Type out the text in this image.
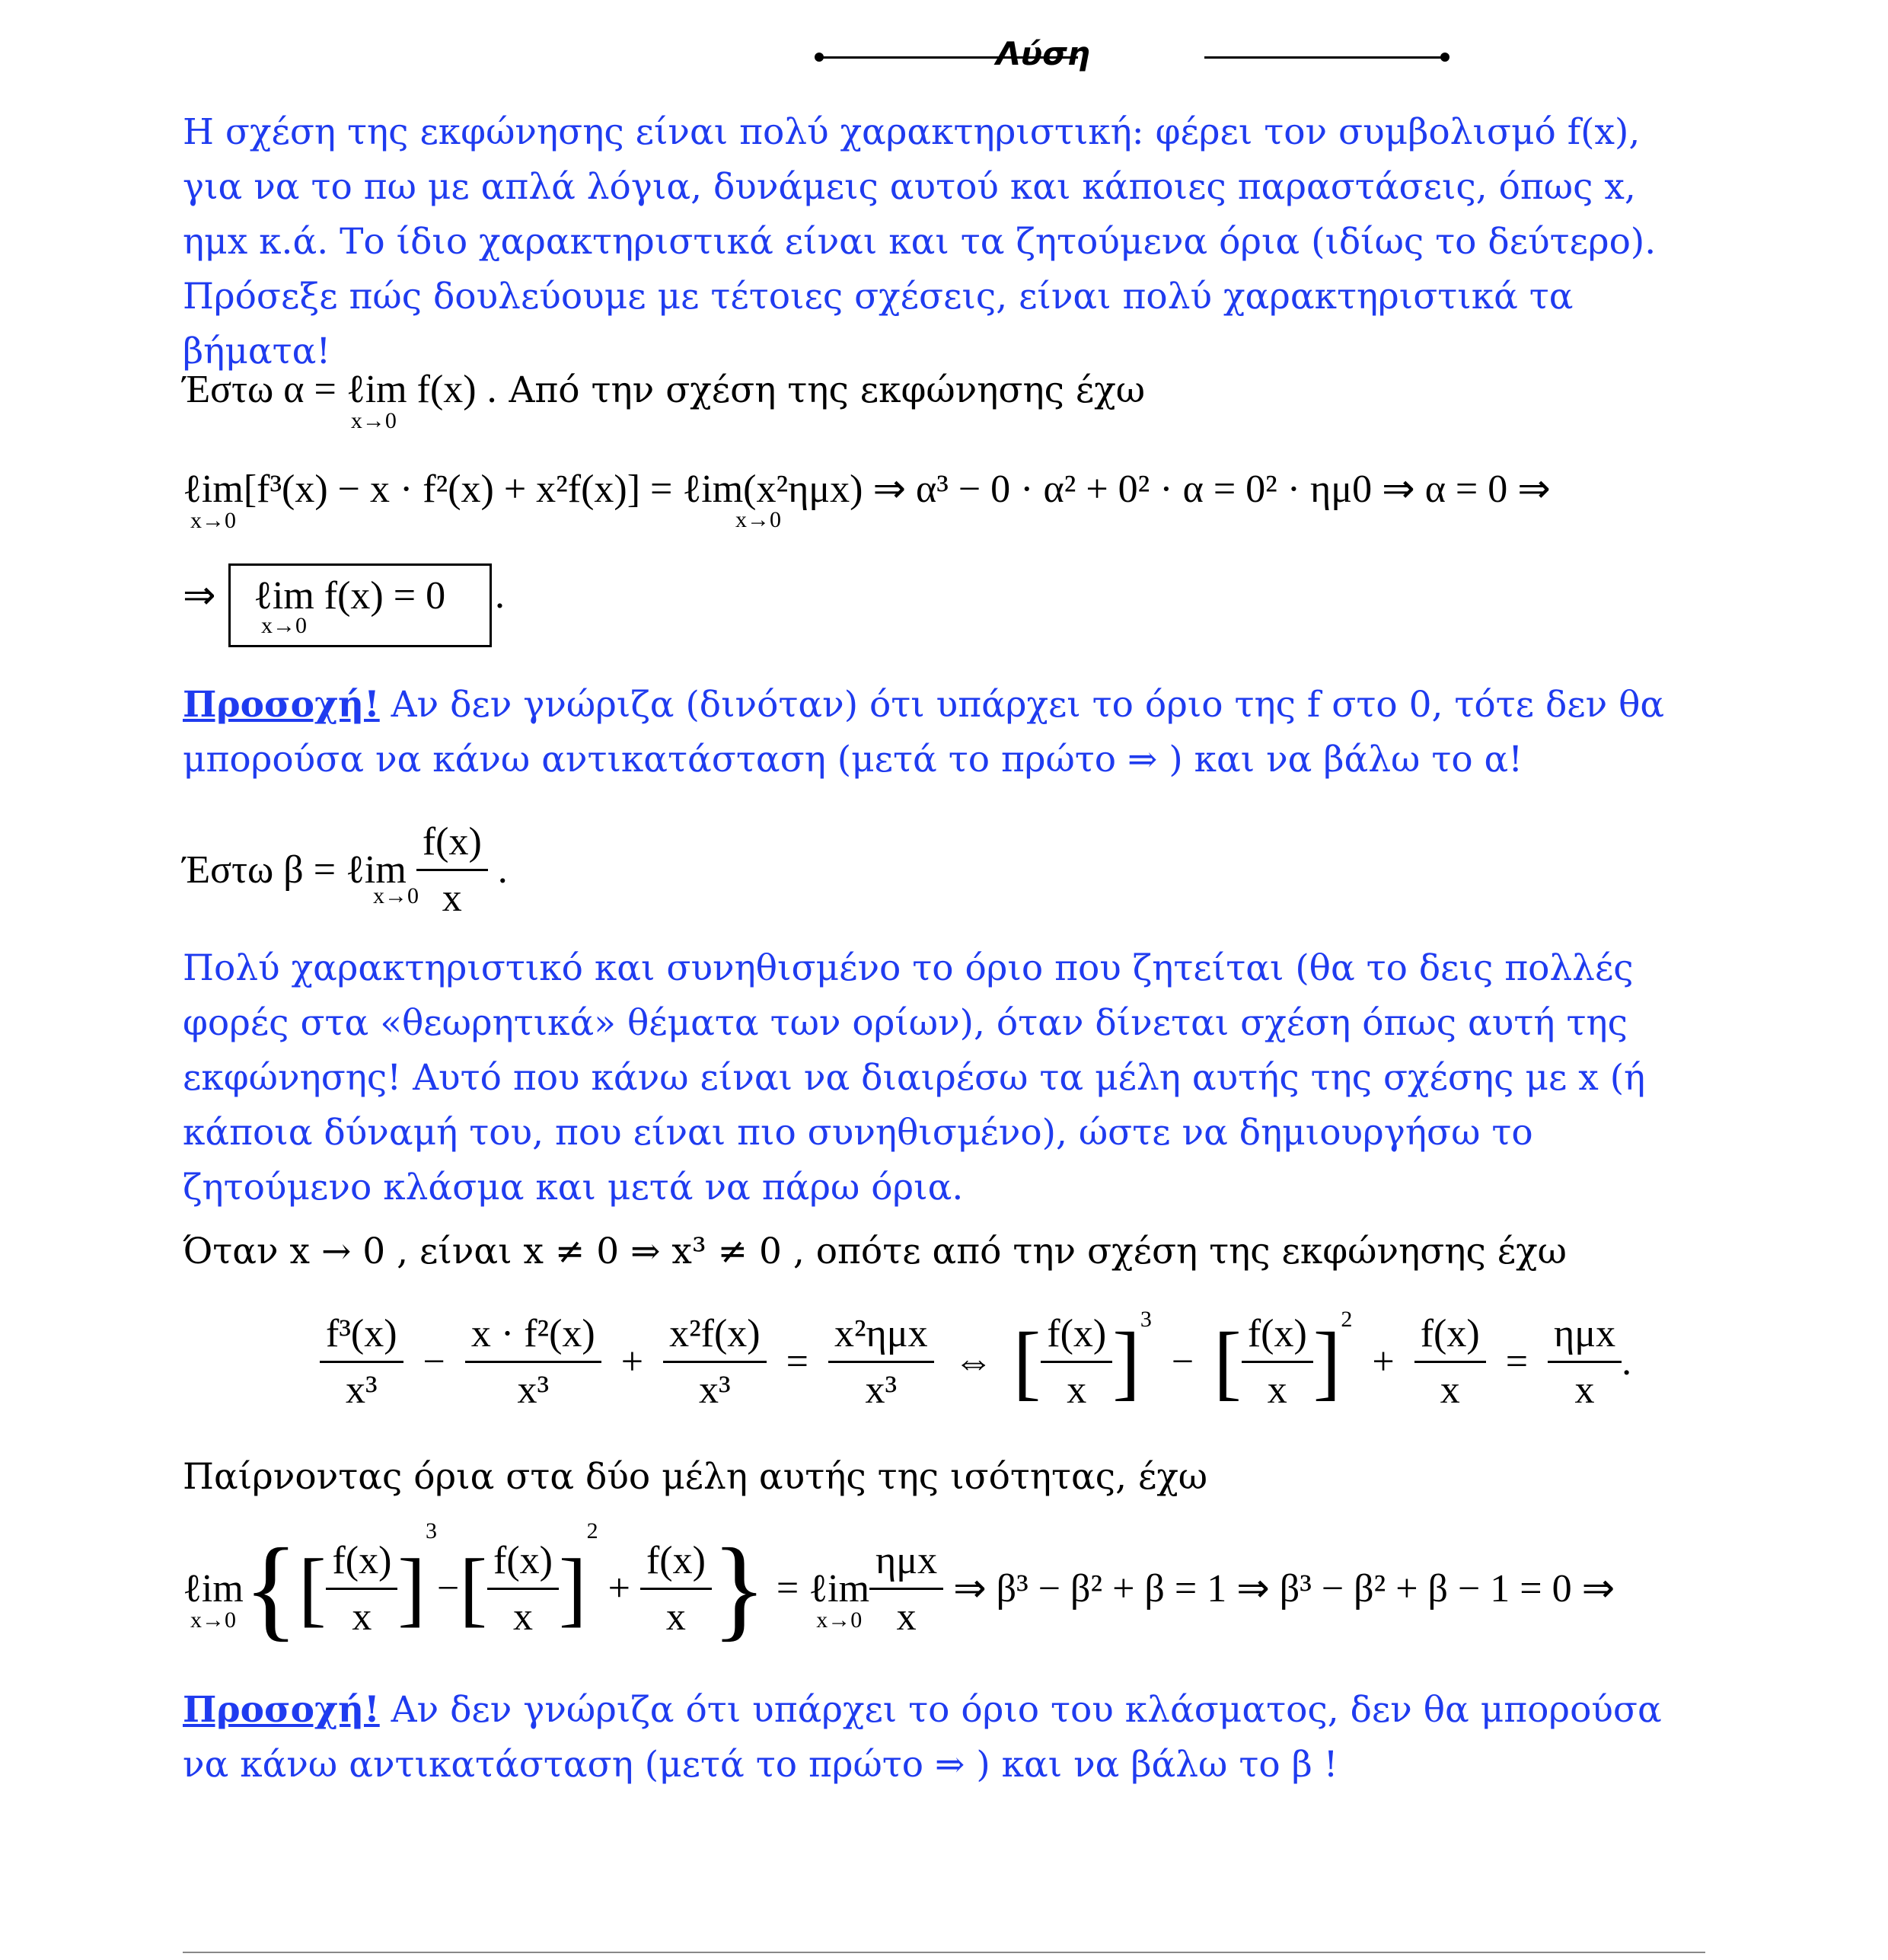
Λύση
Η σχέση της εκφώνησης είναι πολύ χαρακτηριστική: φέρει τον συμβολισμό f(x), για να το πω με απλά λόγια, δυνάμεις αυτού και κάποιες παραστάσεις, όπως x, ημx κ.ά. Το ίδιο χαρακτηριστικά είναι και τα ζητούμενα όρια (ιδίως το δεύτερο). Πρόσεξε πώς δουλεύουμε με τέτοιες σχέσεις, είναι πολύ χαρακτηριστικά τα βήματα!
Έστω α = ℓim
x→0
f(x) . Από την σχέση της εκφώνησης έχω
ℓim
x→0
[f³(x) − x · f²(x) + x²f(x)] = ℓim(x²ημx) ⇒ α³ − 0 · α² + 0² · α = 0² · ημ0 ⇒ α = 0 ⇒
x→0
⇒ ℓim f(x) = 0
x→0
.
Προσοχή! Αν δεν γνώριζα (δινόταν) ότι υπάρχει το όριο της f στο 0, τότε δεν θα μπορούσα να κάνω αντικατάσταση (μετά το πρώτο ⇒ ) και να βάλω το α!
Έστω β = ℓim $\frac{f(x)}{x}$ .
x→0
Πολύ χαρακτηριστικό και συνηθισμένο το όριο που ζητείται (θα το δεις πολλές φορές στα «θεωρητικά» θέματα των ορίων), όταν δίνεται σχέση όπως αυτή της εκφώνησης! Αυτό που κάνω είναι να διαιρέσω τα μέλη αυτής της σχέσης με x (ή κάποια δύναμή του, που είναι πιο συνηθισμένο), ώστε να δημιουργήσω το ζητούμενο κλάσμα και μετά να πάρω όρια.
Όταν x → 0 , είναι x ≠ 0 ⇒ x³ ≠ 0 , οπότε από την σχέση της εκφώνησης έχω
$\frac{\text{f³(x)}}{\text{x³}} - \frac{\text{x · f²(x)}}{\text{x³}} + \frac{\text{x²f(x)}}{\text{x³}} = \frac{\text{x²ημx}}{\text{x³}}$ ⇔  [ $\frac{f(x)}{x} ]^3$  −  [ $\frac{f(x)}{x} ]^2 + \frac{f(x)}{x} = \frac{\text{ημx}}{x}$ .
Παίρνοντας όρια στα δύο μέλη αυτής της ισότητας, έχω
ℓim
x→0 {[ $\frac{f(x)}{x} ]^3-[ \frac{f(x)}{x} ]^2 + \frac{f(x)}{x}$ } = ℓim
$x\to 0 \frac{\text{ημx}}{x}$ ⇒ β³ − β² + β = 1 ⇒ β³ − β² + β − 1 = 0 ⇒
Προσοχή! Αν δεν γνώριζα ότι υπάρχει το όριο του κλάσματος, δεν θα μπορούσα να κάνω αντικατάσταση (μετά το πρώτο ⇒ ) και να βάλω το β !
